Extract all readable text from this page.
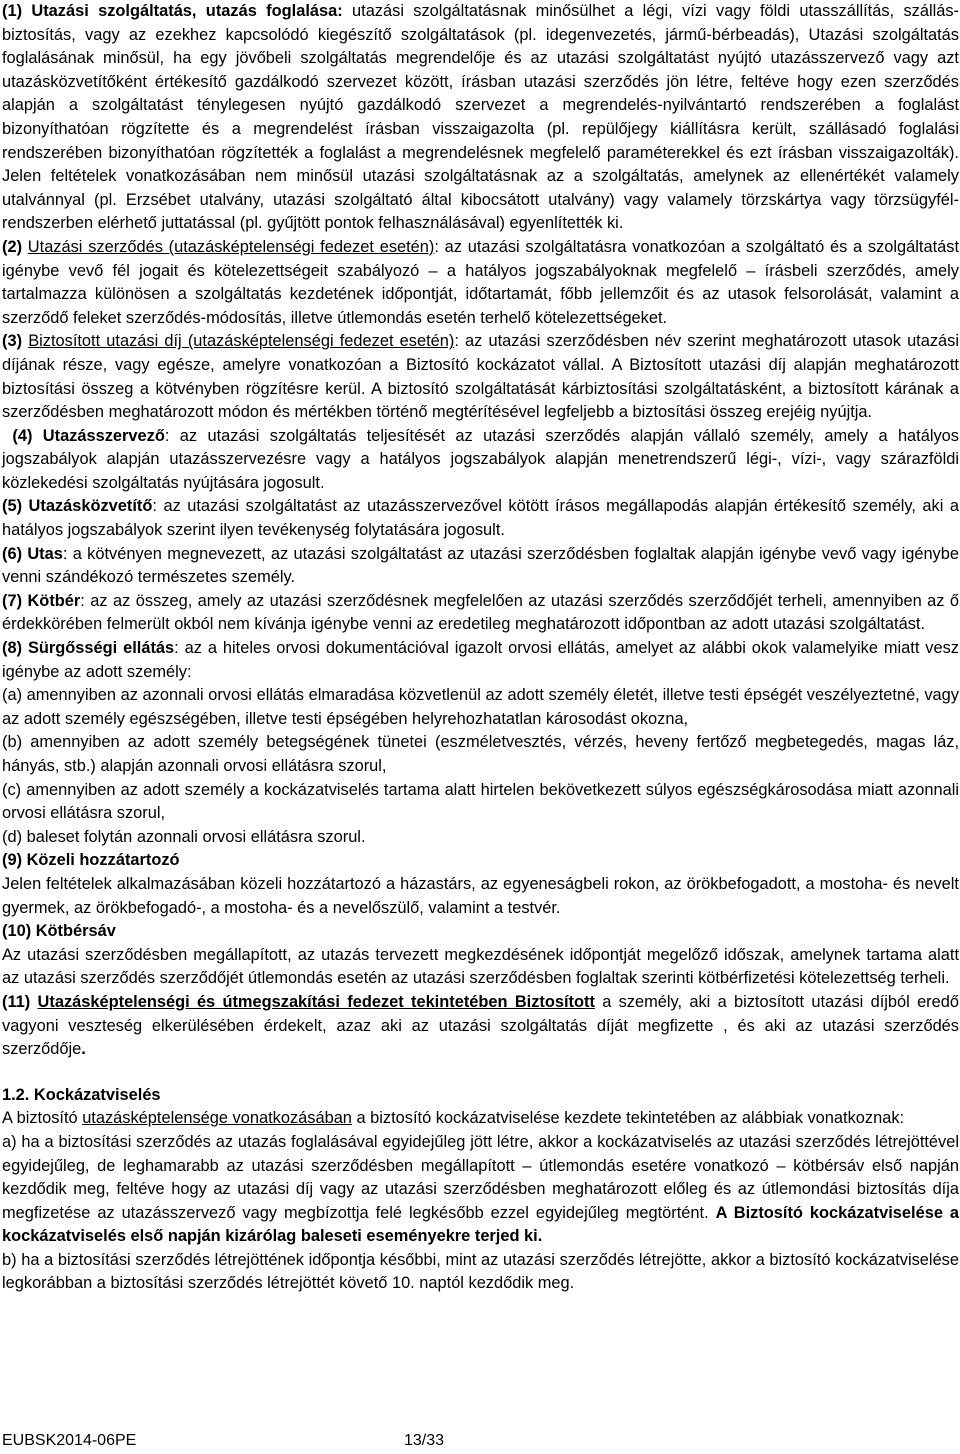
(1) Utazási szolgáltatás, utazás foglalása: utazási szolgáltatásnak minősülhet a légi, vízi vagy földi utasszállítás, szállás-biztosítás, vagy az ezekhez kapcsolódó kiegészítő szolgáltatások (pl. idegenvezetés, jármű-bérbeadás), Utazási szolgáltatás foglalásának minősül, ha egy jövőbeli szolgáltatás megrendelője és az utazási szolgáltatást nyújtó utazásszervező vagy azt utazásközvetítőként értékesítő gazdálkodó szervezet között, írásban utazási szerződés jön létre, feltéve hogy ezen szerződés alapján a szolgáltatást ténylegesen nyújtó gazdálkodó szervezet a megrendelés-nyilvántartó rendszerében a foglalást bizonyíthatóan rögzítette és a megrendelést írásban visszaigazolta (pl. repülőjegy kiállításra került, szállásadó foglalási rendszerében bizonyíthatóan rögzítették a foglalást a megrendelésnek megfelelő paraméterekkel és ezt írásban visszaigazolták). Jelen feltételek vonatkozásában nem minősül utazási szolgáltatásnak az a szolgáltatás, amelynek az ellenértékét valamely utalvánnyal (pl. Erzsébet utalvány, utazási szolgáltató által kibocsátott utalvány) vagy valamely törzskártya vagy törzsügyfél-rendszerben elérhető juttatással (pl. gyűjtött pontok felhasználásával) egyenlítették ki.

(2) Utazási szerződés (utazásképtelenségi fedezet esetén): az utazási szolgáltatásra vonatkozóan a szolgáltató és a szolgáltatást igénybe vevő fél jogait és kötelezettségeit szabályozó – a hatályos jogszabályoknak megfelelő – írásbeli szerződés, amely tartalmazza különösen a szolgáltatás kezdetének időpontját, időtartamát, főbb jellemzőit és az utasok felsorolását, valamint a szerződő feleket szerződés-módosítás, illetve útlemondás esetén terhelő kötelezettségeket.

(3) Biztosított utazási díj (utazásképtelenségi fedezet esetén): az utazási szerződésben név szerint meghatározott utasok utazási díjának része, vagy egésze, amelyre vonatkozóan a Biztosító kockázatot vállal. A Biztosított utazási díj alapján meghatározott biztosítási összeg a kötvényben rögzítésre kerül. A biztosító szolgáltatását kárbiztosítási szolgáltatásként, a biztosított kárának a szerződésben meghatározott módon és mértékben történő megtérítésével legfeljebb a biztosítási összeg erejéig nyújtja.

(4) Utazásszervező: az utazási szolgáltatás teljesítését az utazási szerződés alapján vállaló személy, amely a hatályos jogszabályok alapján utazásszervezésre vagy a hatályos jogszabályok alapján menetrendszerű légi-, vízi-, vagy szárazföldi közlekedési szolgáltatás nyújtására jogosult.

(5) Utazásközvetítő: az utazási szolgáltatást az utazásszervezővel kötött írásos megállapodás alapján értékesítő személy, aki a hatályos jogszabályok szerint ilyen tevékenység folytatására jogosult.

(6) Utas: a kötvényen megnevezett, az utazási szolgáltatást az utazási szerződésben foglaltak alapján igénybe vevő vagy igénybe venni szándékozó természetes személy.

(7) Kötbér: az az összeg, amely az utazási szerződésnek megfelelően az utazási szerződés szerződőjét terheli, amennyiben az ő érdekkörében felmerült okból nem kívánja igénybe venni az eredetileg meghatározott időpontban az adott utazási szolgáltatást.

(8) Sürgősségi ellátás: az a hiteles orvosi dokumentációval igazolt orvosi ellátás, amelyet az alábbi okok valamelyike miatt vesz igénybe az adott személy:

(a) amennyiben az azonnali orvosi ellátás elmaradása közvetlenül az adott személy életét, illetve testi épségét veszélyeztetné, vagy az adott személy egészségében, illetve testi épségében helyrehozhatatlan károsodást okozna,

(b) amennyiben az adott személy betegségének tünetei (eszméletvesztés, vérzés, heveny fertőző megbetegedés, magas láz, hányás, stb.) alapján azonnali orvosi ellátásra szorul,

(c) amennyiben az adott személy a kockázatviselés tartama alatt hirtelen bekövetkezett súlyos egészségkárosodása miatt azonnali orvosi ellátásra szorul,

(d) baleset folytán azonnali orvosi ellátásra szorul.

(9) Közeli hozzátartozó

Jelen feltételek alkalmazásában közeli hozzátartozó a házastárs, az egyeneságbeli rokon, az örökbefogadott, a mostoha- és nevelt gyermek, az örökbefogadó-, a mostoha- és a nevelőszülő, valamint a testvér.

(10) Kötbérsáv

Az utazási szerződésben megállapított, az utazás tervezett megkezdésének időpontját megelőző időszak, amelynek tartama alatt az utazási szerződés szerződőjét útlemondás esetén az utazási szerződésben foglaltak szerinti kötbérfizetési kötelezettség terheli.

(11) Utazásképtelenségi és útmegszakítási fedezet tekintetében Biztosított a személy, aki a biztosított utazási díjból eredő vagyoni veszteség elkerülésében érdekelt, azaz aki az utazási szolgáltatás díját megfizette , és aki az utazási szerződés szerződője.

1.2. Kockázatviselés

A biztosító utazásképtelensége vonatkozásában a biztosító kockázatviselése kezdete tekintetében az alábbiak vonatkoznak:

a) ha a biztosítási szerződés az utazás foglalásával egyidejűleg jött létre, akkor a kockázatviselés az utazási szerződés létrejöttével egyidejűleg, de leghamarabb az utazási szerződésben megállapított – útlemondás esetére vonatkozó – kötbérsáv első napján kezdődik meg, feltéve hogy az utazási díj vagy az utazási szerződésben meghatározott előleg és az útlemondási biztosítás díja megfizetése az utazásszervező vagy megbízottja felé legkésőbb ezzel egyidejűleg megtörtént. A Biztosító kockázatviselése a kockázatviselés első napján kizárólag baleseti eseményekre terjed ki.

b) ha a biztosítási szerződés létrejöttének időpontja későbbi, mint az utazási szerződés létrejötte, akkor a biztosító kockázatviselése legkorábban a biztosítási szerződés létrejöttét követő 10. naptól kezdődik meg.

EUBSK2014-06PE	13/33
